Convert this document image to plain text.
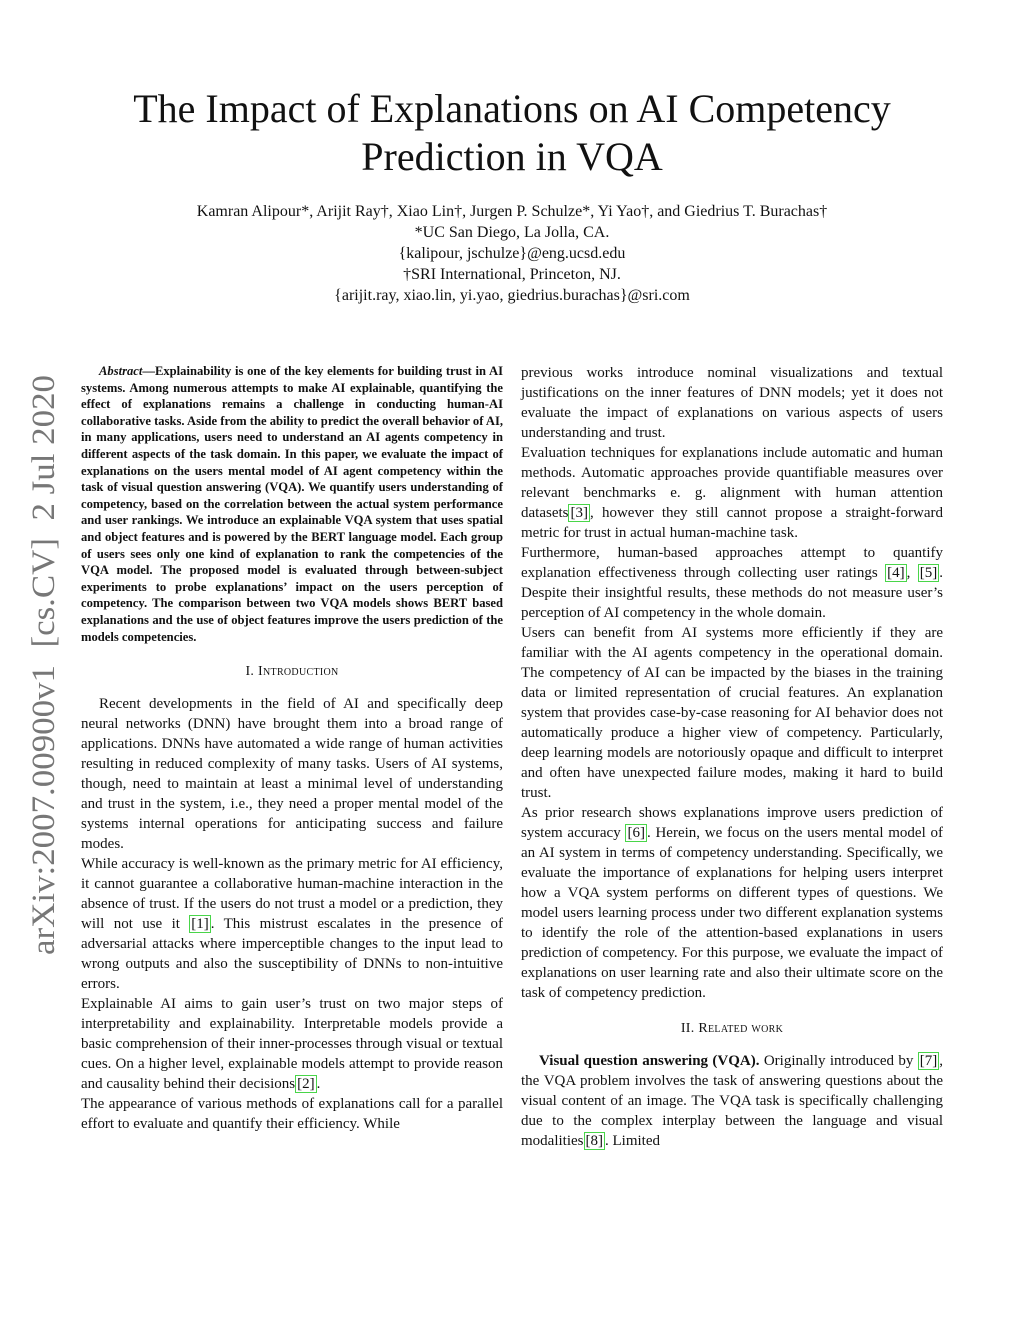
The Impact of Explanations on AI Competency
Prediction in VQA
Kamran Alipour*, Arijit Ray†, Xiao Lin†, Jurgen P. Schulze*, Yi Yao†, and Giedrius T. Burachas†
*UC San Diego, La Jolla, CA.
{kalipour, jschulze}@eng.ucsd.edu
†SRI International, Princeton, NJ.
{arijit.ray, xiao.lin, yi.yao, giedrius.burachas}@sri.com
arXiv:2007.00900v1  [cs.CV]  2 Jul 2020

Abstract—Explainability is one of the key elements for building trust in AI systems. Among numerous attempts to make AI explainable, quantifying the effect of explanations remains a challenge in conducting human-AI collaborative tasks. Aside from the ability to predict the overall behavior of AI, in many applications, users need to understand an AI agents competency in different aspects of the task domain. In this paper, we evaluate the impact of explanations on the users mental model of AI agent competency within the task of visual question answering (VQA). We quantify users understanding of competency, based on the correlation between the actual system performance and user rankings. We introduce an explainable VQA system that uses spatial and object features and is powered by the BERT language model. Each group of users sees only one kind of explanation to rank the competencies of the VQA model. The proposed model is evaluated through between-subject experiments to probe explanations’ impact on the users perception of competency. The comparison between two VQA models shows BERT based explanations and the use of object features improve the users prediction of the models competencies.

I. Introduction

Recent developments in the field of AI and specifically deep neural networks (DNN) have brought them into a broad range of applications. DNNs have automated a wide range of human activities resulting in reduced complexity of many tasks. Users of AI systems, though, need to maintain at least a minimal level of understanding and trust in the system, i.e., they need a proper mental model of the systems internal operations for anticipating success and failure modes.

While accuracy is well-known as the primary metric for AI efficiency, it cannot guarantee a collaborative human-machine interaction in the absence of trust. If the users do not trust a model or a prediction, they will not use it [1] . This mistrust escalates in the presence of adversarial attacks where imperceptible changes to the input lead to wrong outputs and also the susceptibility of DNNs to non-intuitive errors.

Explainable AI aims to gain user’s trust on two major steps of interpretability and explainability. Interpretable models provide a basic comprehension of their inner-processes through visual or textual cues. On a higher level, explainable models attempt to provide reason and causality behind their decisions [2] .

The appearance of various methods of explanations call for a parallel effort to evaluate and quantify their efficiency. While

previous works introduce nominal visualizations and textual justifications on the inner features of DNN models; yet it does not evaluate the impact of explanations on various aspects of users understanding and trust.

Evaluation techniques for explanations include automatic and human methods. Automatic approaches provide quantifiable measures over relevant benchmarks e. g. alignment with human attention datasets [3] , however they still cannot propose a straight-forward metric for trust in actual human-machine task.

Furthermore, human-based approaches attempt to quantify explanation effectiveness through collecting user ratings [4] , [5] . Despite their insightful results, these methods do not measure user’s perception of AI competency in the whole domain.

Users can benefit from AI systems more efficiently if they are familiar with the AI agents competency in the operational domain. The competency of AI can be impacted by the biases in the training data or limited representation of crucial features. An explanation system that provides case-by-case reasoning for AI behavior does not automatically produce a higher view of competency. Particularly, deep learning models are notoriously opaque and difficult to interpret and often have unexpected failure modes, making it hard to build trust.

As prior research shows explanations improve users prediction of system accuracy [6] . Herein, we focus on the users mental model of an AI system in terms of competency understanding. Specifically, we evaluate the importance of explanations for helping users interpret how a VQA system performs on different types of questions. We model users learning process under two different explanation systems to identify the role of the attention-based explanations in users prediction of competency. For this purpose, we evaluate the impact of explanations on user learning rate and also their ultimate score on the task of competency prediction.

II. Related work

Visual question answering (VQA). Originally introduced by [7] , the VQA problem involves the task of answering questions about the visual content of an image. The VQA task is specifically challenging due to the complex interplay between the language and visual modalities [8] . Limited
